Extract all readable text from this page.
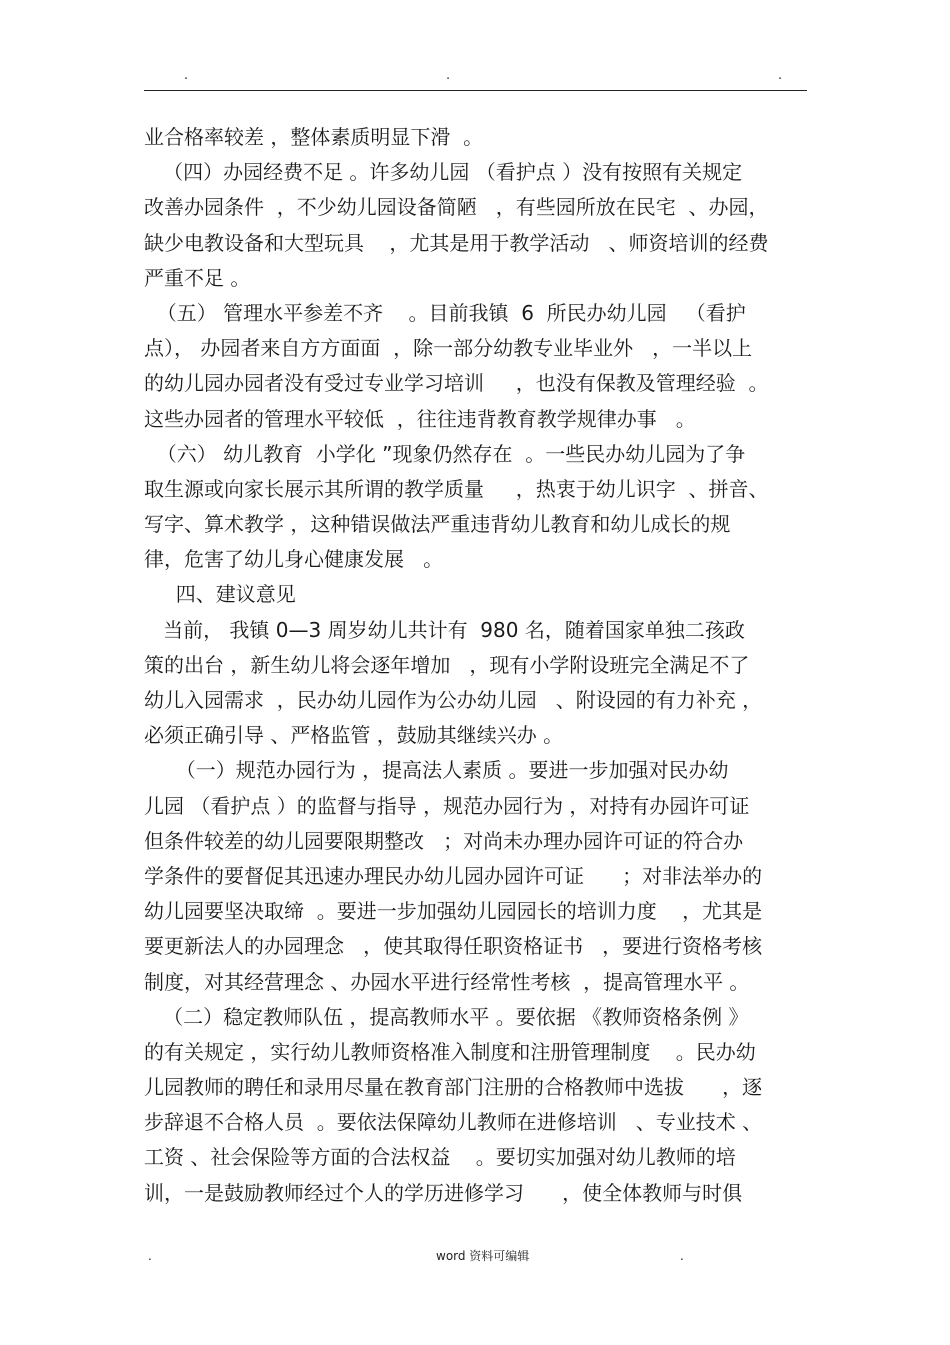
.	.	.
业合格率较差 ，整体素质明显下滑  。
（四）办园经费不足 。许多幼儿园 （看护点 ）没有按照有关规定
改善办园条件  ，不少幼儿园设备简陋   ，有些园所放在民宅  、办园，
缺少电教设备和大型玩具    ，尤其是用于教学活动   、师资培训的经费
严重不足 。
（五） 管理水平参差不齐    。目前我镇  6  所民办幼儿园   （看护
点）， 办园者来自方方面面  ，除一部分幼教专业毕业外   ，一半以上
的幼儿园办园者没有受过专业学习培训     ，也没有保教及管理经验  。
这些办园者的管理水平较低  ，往往违背教育教学规律办事   。
（六） 幼儿教育  小学化 ”现象仍然存在  。一些民办幼儿园为了争
取生源或向家长展示其所谓的教学质量     ，热衷于幼儿识字  、拼音、
写字、算术教学 ，这种错误做法严重违背幼儿教育和幼儿成长的规
律，危害了幼儿身心健康发展   。
四、建议意见
当前， 我镇 0—3 周岁幼儿共计有  980 名，随着国家单独二孩政
策的出台 ，新生幼儿将会逐年增加   ，现有小学附设班完全满足不了
幼儿入园需求  ，民办幼儿园作为公办幼儿园   、附设园的有力补充 ，
必须正确引导 、严格监管 ，鼓励其继续兴办 。
（一）规范办园行为 ，提高法人素质 。要进一步加强对民办幼
儿园 （看护点 ）的监督与指导 ，规范办园行为 ，对持有办园许可证
但条件较差的幼儿园要限期整改   ；对尚未办理办园许可证的符合办
学条件的要督促其迅速办理民办幼儿园办园许可证      ；对非法举办的
幼儿园要坚决取缔  。要进一步加强幼儿园园长的培训力度    ，尤其是
要更新法人的办园理念   ，使其取得任职资格证书   ，要进行资格考核
制度，对其经营理念 、办园水平进行经常性考核  ，提高管理水平 。
（二）稳定教师队伍 ，提高教师水平 。要依据 《教师资格条例 》
的有关规定 ，实行幼儿教师资格准入制度和注册管理制度    。民办幼
儿园教师的聘任和录用尽量在教育部门注册的合格教师中选拔      ，逐
步辞退不合格人员  。要依法保障幼儿教师在进修培训   、专业技术 、
工资 、社会保险等方面的合法权益    。要切实加强对幼儿教师的培
训，一是鼓励教师经过个人的学历进修学习      ，使全体教师与时俱
.	word 资料可编辑	.
